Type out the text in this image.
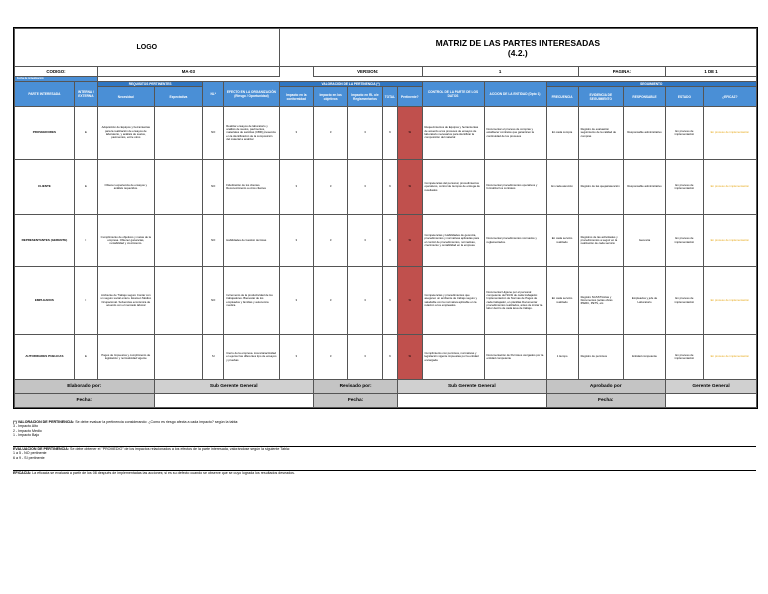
LOGO						MATRIZ DE LAS PARTES INTERESADAS
(4.2.)											

CODIGO:		MA-03					VERSION:				1			PAGINA:		1 DE 1	
Fecha de Actualización:																	
PARTE INTERESADA	INTERNA / EXTERNA	REQUISITOS PERTINENTES		NL*	EFECTO EN LA ORGANIZACIÓN (Riesgo / Oportunidad)	VALORACIÓN DE LA PERTINENCIA (*)					CONTROL DE LA PARTE DE LOS DATOS	ACCION DE LA ENTIDAD (Dpto 1)	SEGUIMIENTO				
		Necesidad	Expectativa			Impacto en la conformidad	Impacto en los objetivos	Impacto en RL o/e Reglamentarios	TOTAL	Pertinente?			FRECUENCIA	EVIDENCIA DE SEGUIMIENTO	RESPONSABLE	ESTADO	¿EFICAZ?
PROVEEDORES	E	Adquisición de Equipos y herramientas para la realización de ensayos de laboratorio, y análisis de suelos, pavimentos, entre otros		NO	Realizar ensayos de laboratorio y análisis de suelos, pavimentos, materiales de sanitrias (CBR) presencia en la identificación de la composición del material a analizar	3	3	3	9	SI	Requerimientos de Equipos y herramientas de acuerdo a los procesos de ensayos de laboratorio necesarios para identificar la composición del material	Documentar el proceso de compras y establecer contratos que garanticen la continuidad de los procesos	En cada compra	Registro de evaluación seguimiento de la calidad de compras	Responsable administrativo	En proceso de implementación	En proceso de implementación
CLIENTE	E	Obtener experiencia de ensayos y análisis requeridos.		NO	Fidelización de los clientes. Reconocimiento a otros clientes	3	3	3	9	SI	Competencias del personal, procedimientos operativos, control de tiempos de entrega de resultados	Documentar procedimientos operativos y formalizar los contratos	En cada atención	Registro de las quejas/atención	Responsable administrativo	En proceso de implementación	En proceso de implementación
REPRESENTANTES (GERENTE)	I	Cumplimiento de objetivos y metas de la empresa. Obtener ganancias, rentabilidad y crecimiento.		NO	Habilidades de Gestión técnicas	3	3	3	9	SI	Competencias y Habilidades de gerencia, procedimientos y normativas aplicadas para el control de procedimientos, normativas, crecimiento y rentabilidad en la empresa	Documentar procedimientos normados y reglamentados.	En cada servicio realizado	Registros de las actividades y procedimientos a seguir en la realización de cada servicio	Gerencia	En proceso de implementación	En proceso de implementación
EMPLEADOS	I	Ambiente de Trabajo seguro Contar con un seguro social entero. Examen Médico Ocupacional. Solvencias económica de acuerdo con el mercado laboral		NO	Incremento de la productividad de los trabajadores. Bienestar de los empleados y familias y autonomía medica	3	3	3	9	SI	Competencias y procedimientos que aseguren un ambiente de trabajo seguro y saludable con la normativa aplicable en la relación a los empleados.	Documentar Higiene por el personal competente del SGSI de cada trabajador. Implementación de Normas de Pagos de cada trabajador, en planillas Documentar procedimientos realizados, antes de iniciar la labor dentro de cada área de trabajo.	En cada servicio realizado	Registro SGSST/Actas y Documentos (actas obras IPERC, PETS, etc.	Empleados y jefe de Laboratorio	En proceso de implementación	En proceso de implementación
AUTORIDADES PUBLICAS	E	Pagos de Impuestos y cumplimiento de legislación y normatividad vigente		SI	Cierre de la empresa. Licencia/actividad en ejercer las diferentes tipo de ensayos y pruebas	3	3	3	9	SI	Cumplimiento con permisos, normativas y legislación vigente impuestas por la entidad encargada	Documentación de Permisos otorgados por la entidad competente	1 tiempo	Registro de permisos	Entidad competente	En proceso de implementación	En proceso de implementación
Elaborado por:			Sub Gerente General				Revisado por:			Sub Gerente General			Aprobado por			Gerente General	
Fecha:							Fecha:						Fecha:				
(*) VALORACION DE PERTINENCIA: Se debe evaluar la pertinencia considerando: ¿Como es riesgo afecta a cada impacto? según la tabla:
3 - Impacto Alto
2 - Impacto Medio
1 - Impacto Bajo
EVALUACION DE PERTINENCIA: Se debe obtener el "PROMEDIO" de los impactos relacionados a los efectos de la parte interesada, valorándose según la siguiente Tabla:
1 a 5 - NO pertinente
6 a 9 - SI pertinente
EFICACIA: La eficacia se evaluará a partir de los 08 después de implementadas las acciones; si es su defecto cuando se observe que se cuyo lograda los resultados deseados.
